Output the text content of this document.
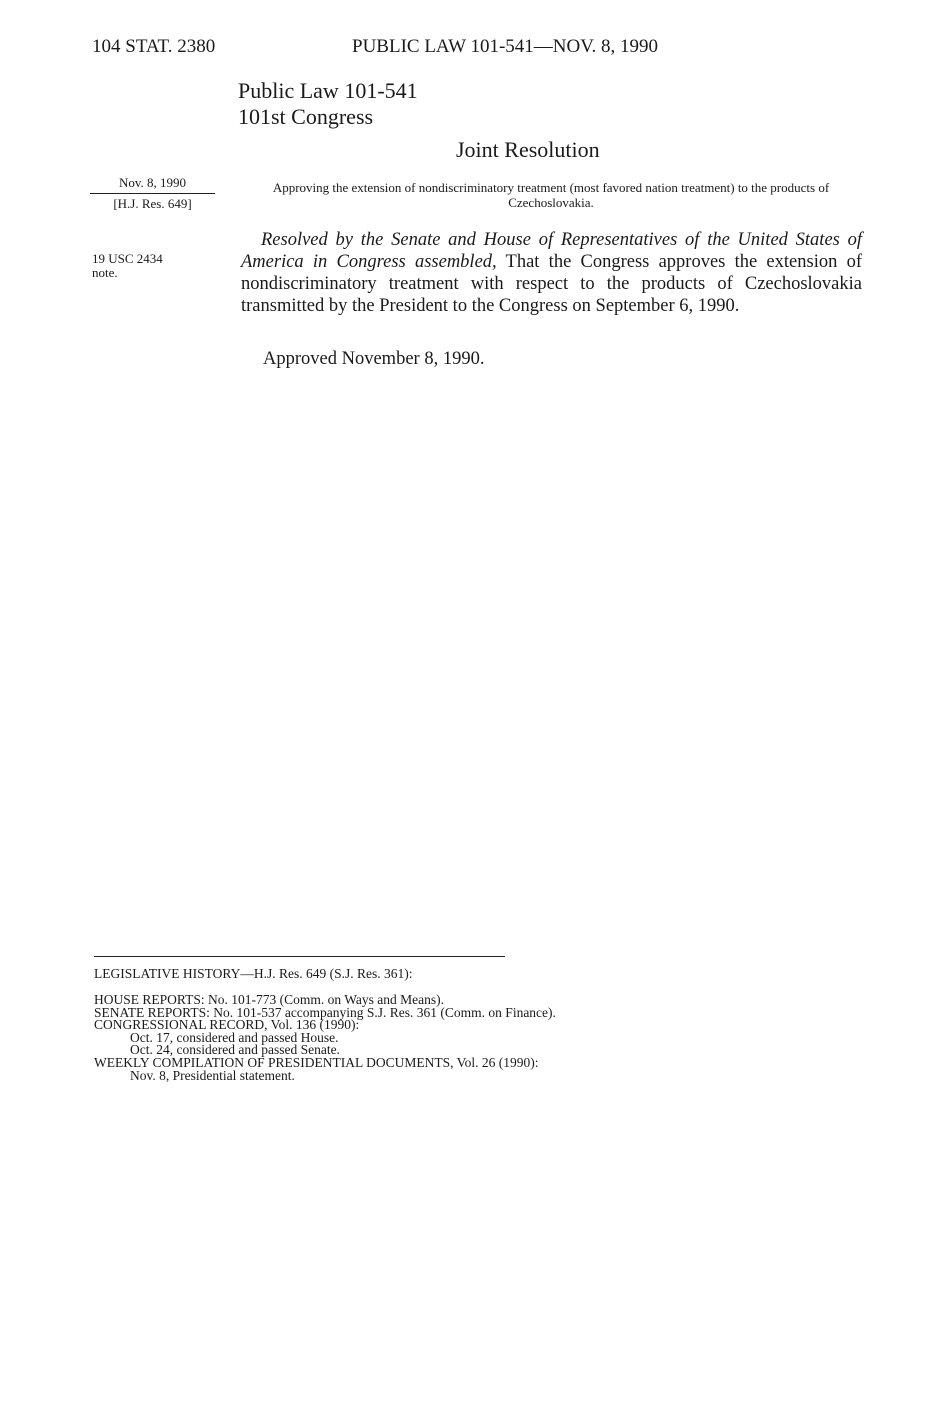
104 STAT. 2380	PUBLIC LAW 101-541—NOV. 8, 1990
Public Law 101-541
101st Congress
Joint Resolution
Nov. 8, 1990
[H.J. Res. 649]
19 USC 2434
note.
Approving the extension of nondiscriminatory treatment (most favored nation treatment) to the products of Czechoslovakia.
Resolved by the Senate and House of Representatives of the United States of America in Congress assembled, That the Congress approves the extension of nondiscriminatory treatment with respect to the products of Czechoslovakia transmitted by the President to the Congress on September 6, 1990.
Approved November 8, 1990.
LEGISLATIVE HISTORY—H.J. Res. 649 (S.J. Res. 361):
HOUSE REPORTS: No. 101-773 (Comm. on Ways and Means).
SENATE REPORTS: No. 101-537 accompanying S.J. Res. 361 (Comm. on Finance).
CONGRESSIONAL RECORD, Vol. 136 (1990):
Oct. 17, considered and passed House.
Oct. 24, considered and passed Senate.
WEEKLY COMPILATION OF PRESIDENTIAL DOCUMENTS, Vol. 26 (1990):
Nov. 8, Presidential statement.
